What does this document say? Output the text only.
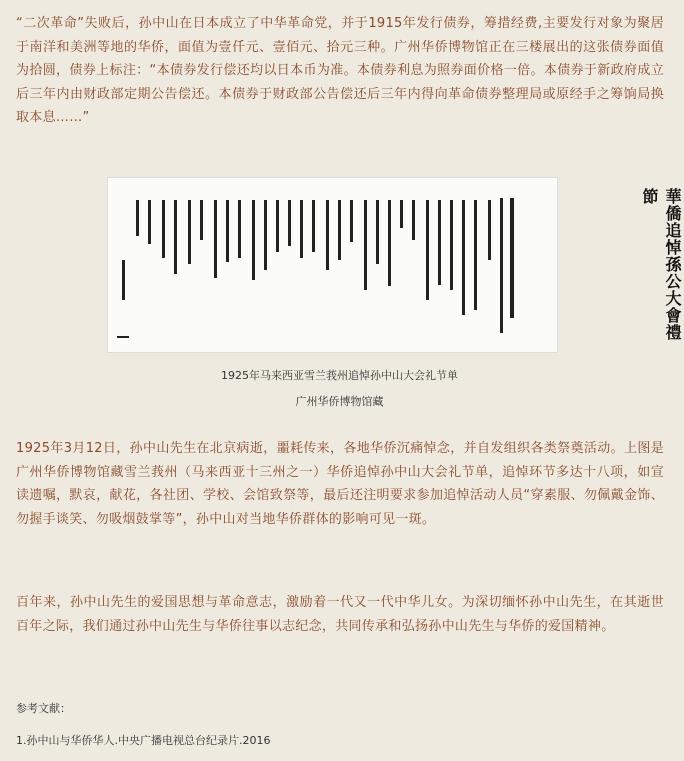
“二次革命”失败后，孙中山在日本成立了中华革命党，并于1915年发行债券，筹措经费,主要发行对象为聚居于南洋和美洲等地的华侨，面值为壹仟元、壹佰元、拾元三种。广州华侨博物馆正在三楼展出的这张债券面值为拾圆，债券上标注：“本债券发行偿还均以日本币为准。本债券利息为照券面价格一倍。本债券于新政府成立后三年内由财政部定期公告偿还。本债券于财政部公告偿还后三年内得向革命债券整理局或原经手之筹饷局换取本息……”

華僑追悼孫公大會禮節

1925年马来西亚雪兰莪州追悼孙中山大会礼节单

广州华侨博物馆藏

1925年3月12日，孙中山先生在北京病逝，噩耗传来，各地华侨沉痛悼念，并自发组织各类祭奠活动。上图是广州华侨博物馆藏雪兰莪州（马来西亚十三州之一）华侨追悼孙中山大会礼节单，追悼环节多达十八项，如宣读遗嘱，默哀，献花，各社团、学校、会馆致祭等，最后还注明要求参加追悼活动人员“穿素服、勿佩戴金饰、勿握手谈笑、勿吸烟鼓掌等”，孙中山对当地华侨群体的影响可见一斑。

百年来，孙中山先生的爱国思想与革命意志，激励着一代又一代中华儿女。为深切缅怀孙中山先生，在其逝世百年之际，我们通过孙中山先生与华侨往事以志纪念，共同传承和弘扬孙中山先生与华侨的爱国精神。

参考文献：

1.孙中山与华侨华人.中央广播电视总台纪录片.2016
